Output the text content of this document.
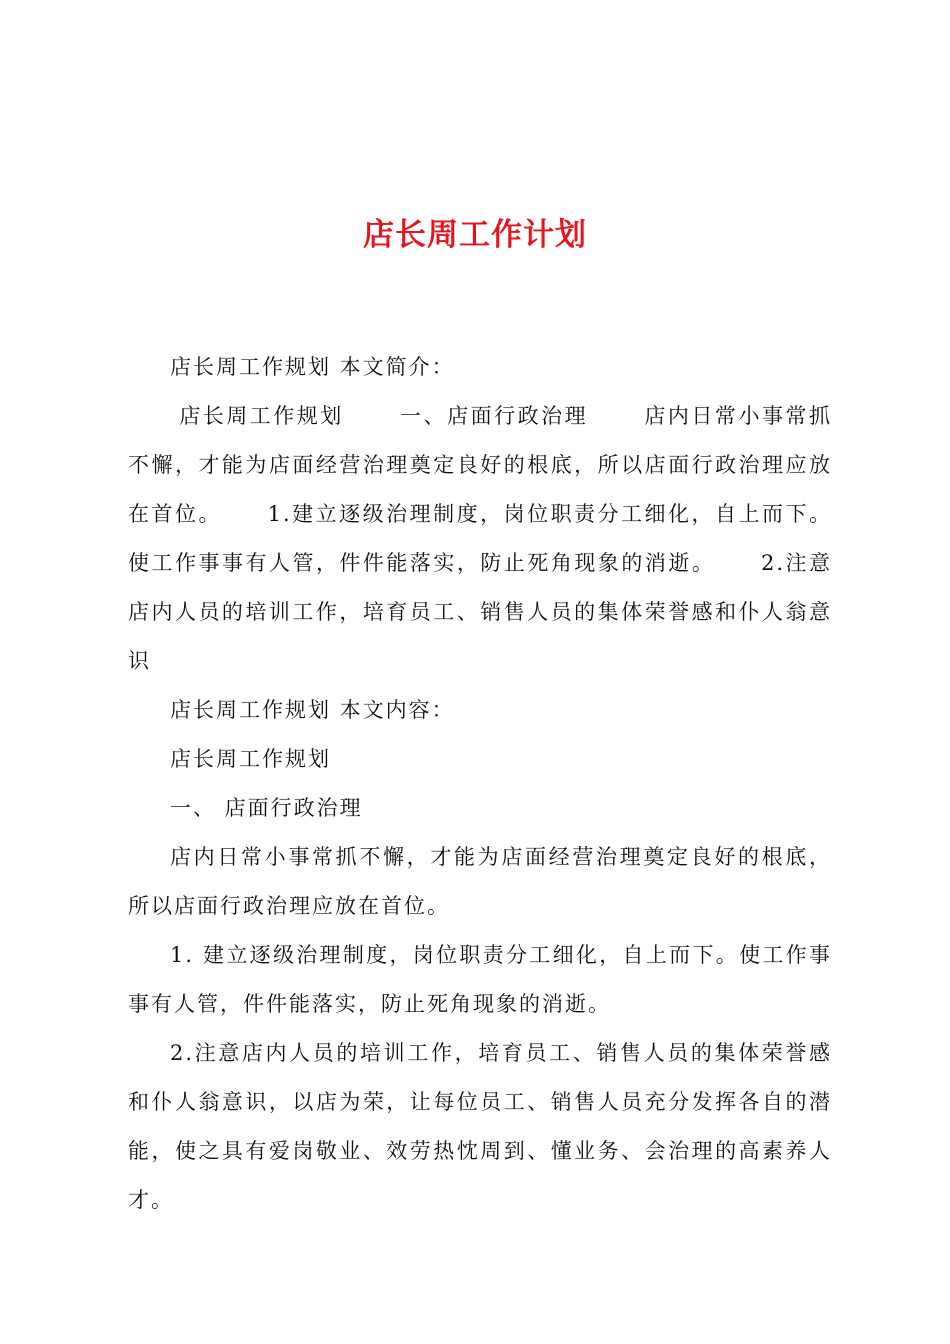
店长周工作计划

店长周工作规划 本文简介：

店长周工作规划　　 一、店面行政治理　　 店内日常小事常抓不懈，才能为店面经营治理奠定良好的根底，所以店面行政治理应放在首位。　　 1.建立逐级治理制度，岗位职责分工细化，自上而下。使工作事事有人管，件件能落实，防止死角现象的消逝。　　 2.注意店内人员的培训工作，培育员工、销售人员的集体荣誉感和仆人翁意识

店长周工作规划 本文内容：

店长周工作规划

一、 店面行政治理

店内日常小事常抓不懈，才能为店面经营治理奠定良好的根底，所以店面行政治理应放在首位。

1. 建立逐级治理制度，岗位职责分工细化，自上而下。使工作事事有人管，件件能落实，防止死角现象的消逝。

2.注意店内人员的培训工作，培育员工、销售人员的集体荣誉感和仆人翁意识，以店为荣，让每位员工、销售人员充分发挥各自的潜能，使之具有爱岗敬业、效劳热忱周到、懂业务、会治理的高素养人才。
